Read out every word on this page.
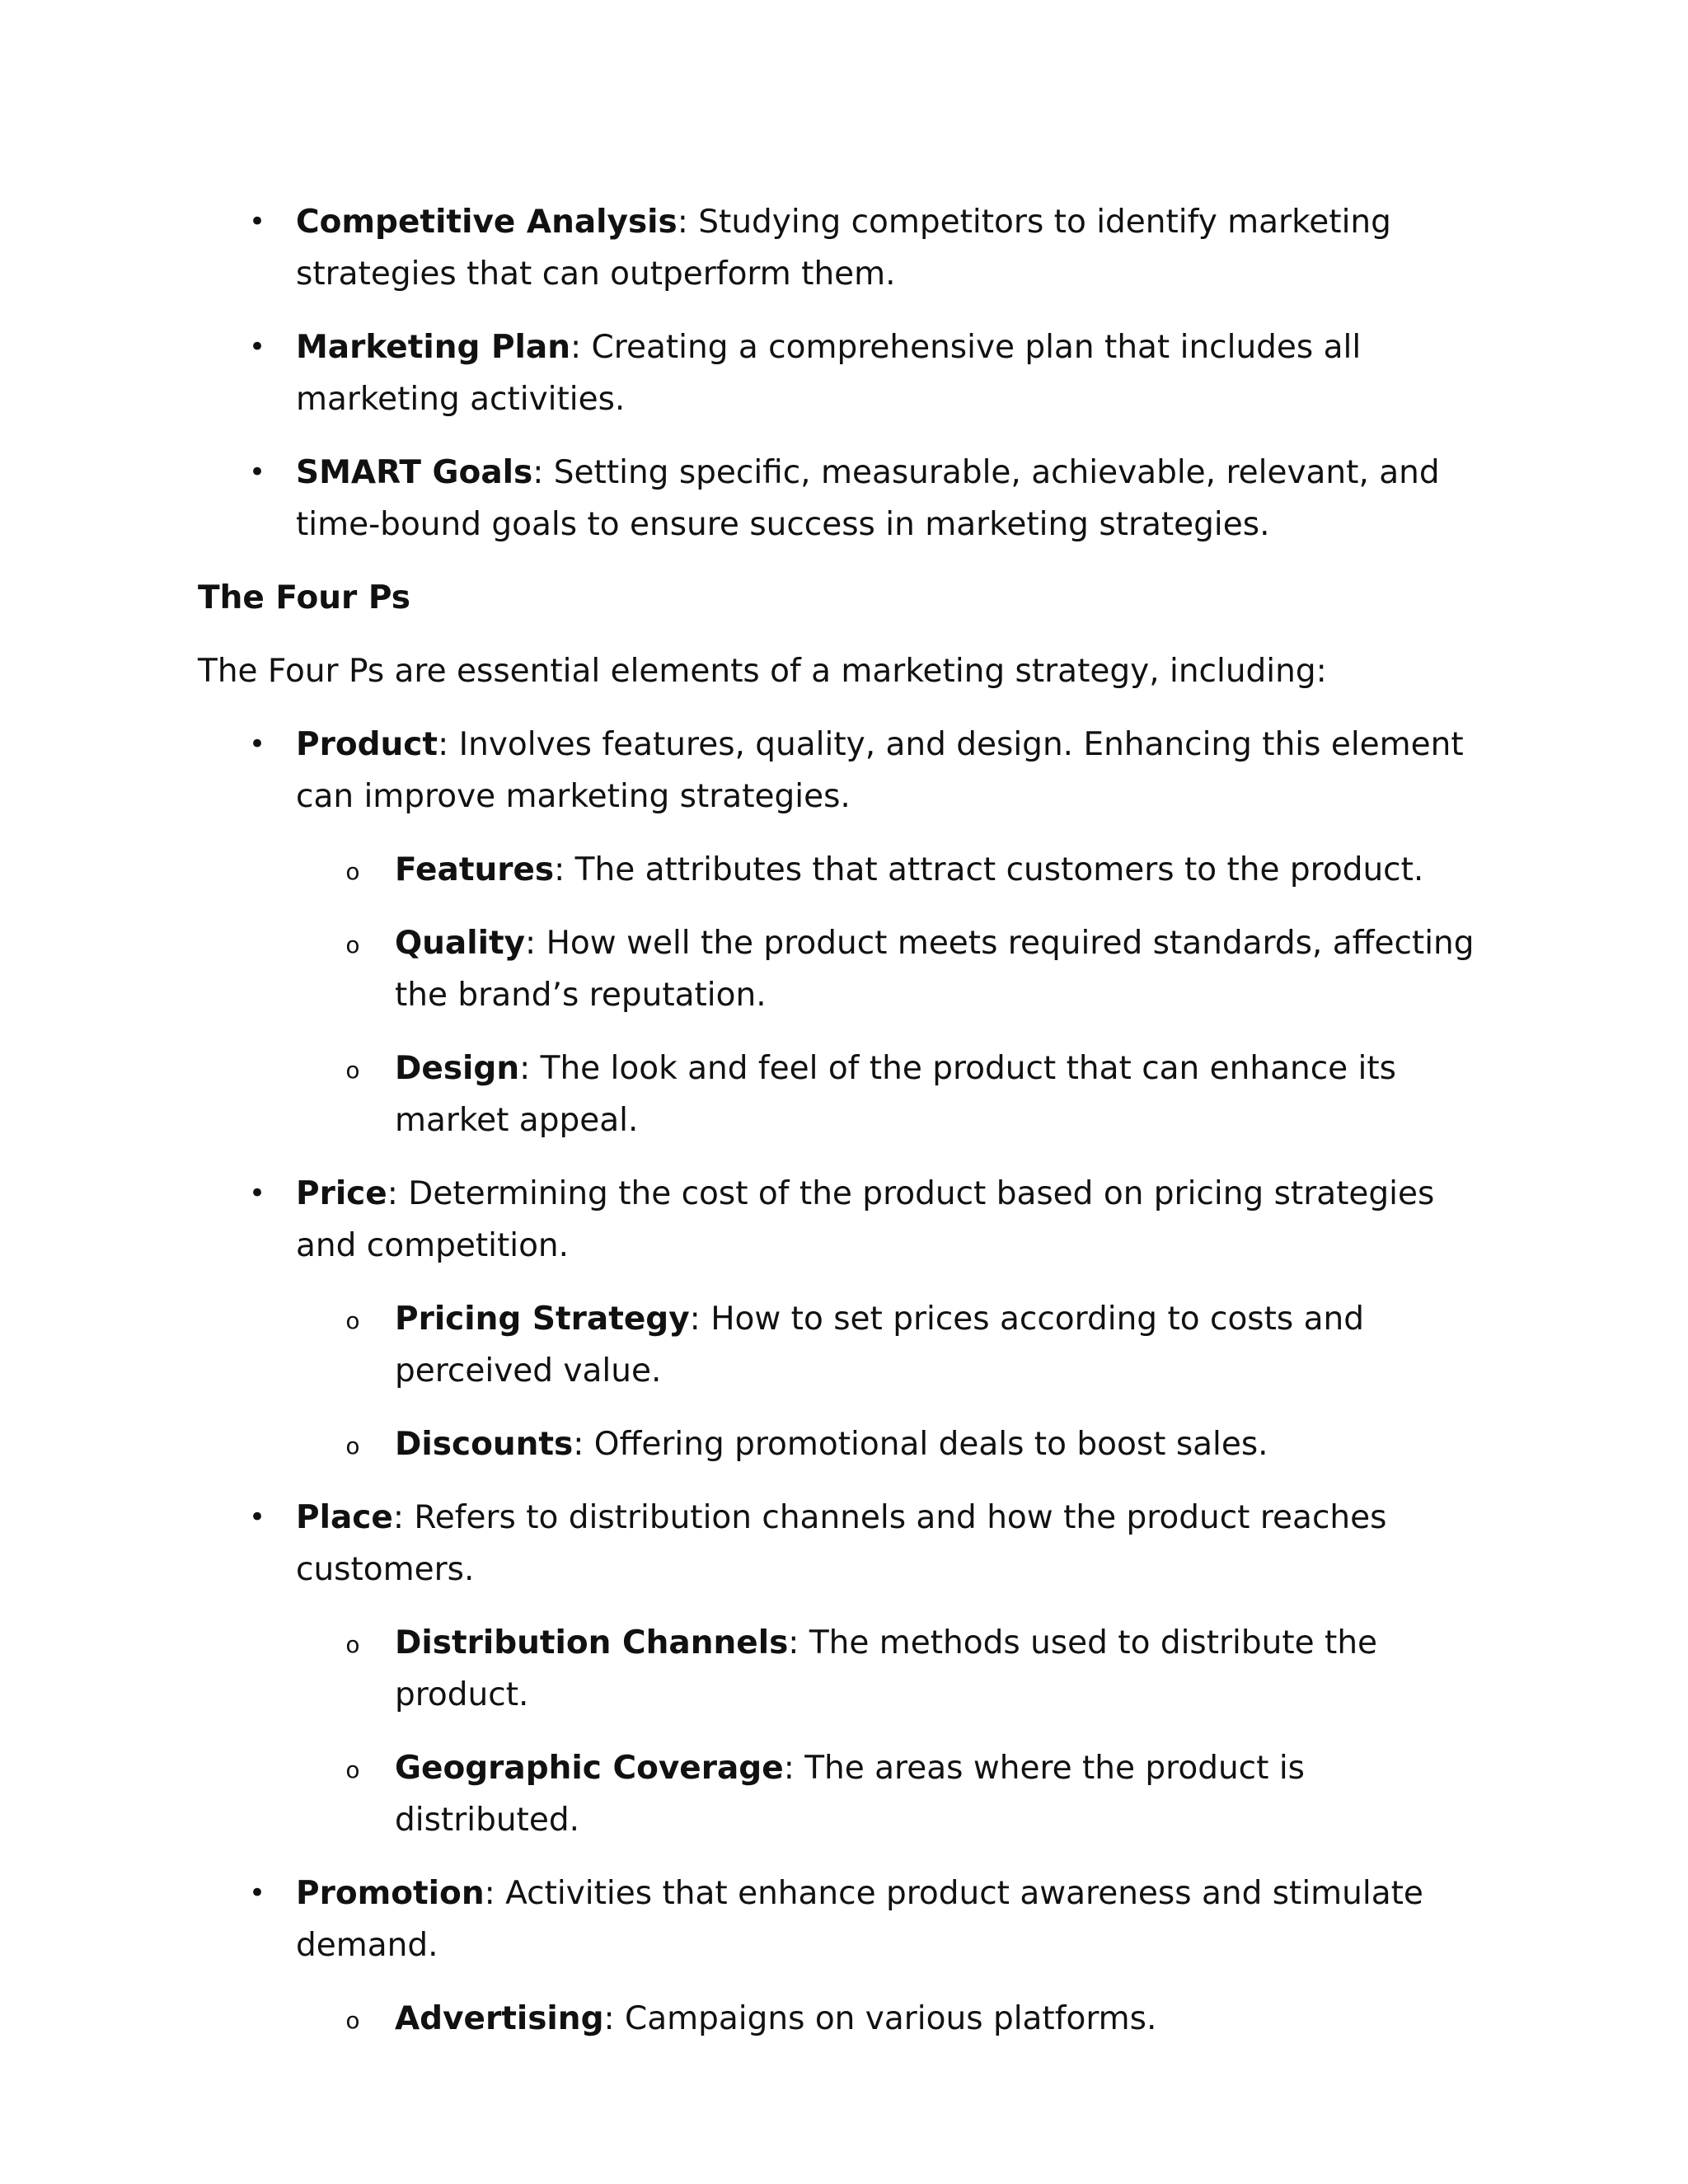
• Competitive Analysis: Studying competitors to identify marketing strategies that can outperform them.
• Marketing Plan: Creating a comprehensive plan that includes all marketing activities.
• SMART Goals: Setting specific, measurable, achievable, relevant, and time-bound goals to ensure success in marketing strategies.
The Four Ps
The Four Ps are essential elements of a marketing strategy, including:
• Product: Involves features, quality, and design. Enhancing this element can improve marketing strategies.
o Features: The attributes that attract customers to the product.
o Quality: How well the product meets required standards, affecting the brand’s reputation.
o Design: The look and feel of the product that can enhance its market appeal.
• Price: Determining the cost of the product based on pricing strategies and competition.
o Pricing Strategy: How to set prices according to costs and perceived value.
o Discounts: Offering promotional deals to boost sales.
• Place: Refers to distribution channels and how the product reaches customers.
o Distribution Channels: The methods used to distribute the product.
o Geographic Coverage: The areas where the product is distributed.
• Promotion: Activities that enhance product awareness and stimulate demand.
o Advertising: Campaigns on various platforms.
